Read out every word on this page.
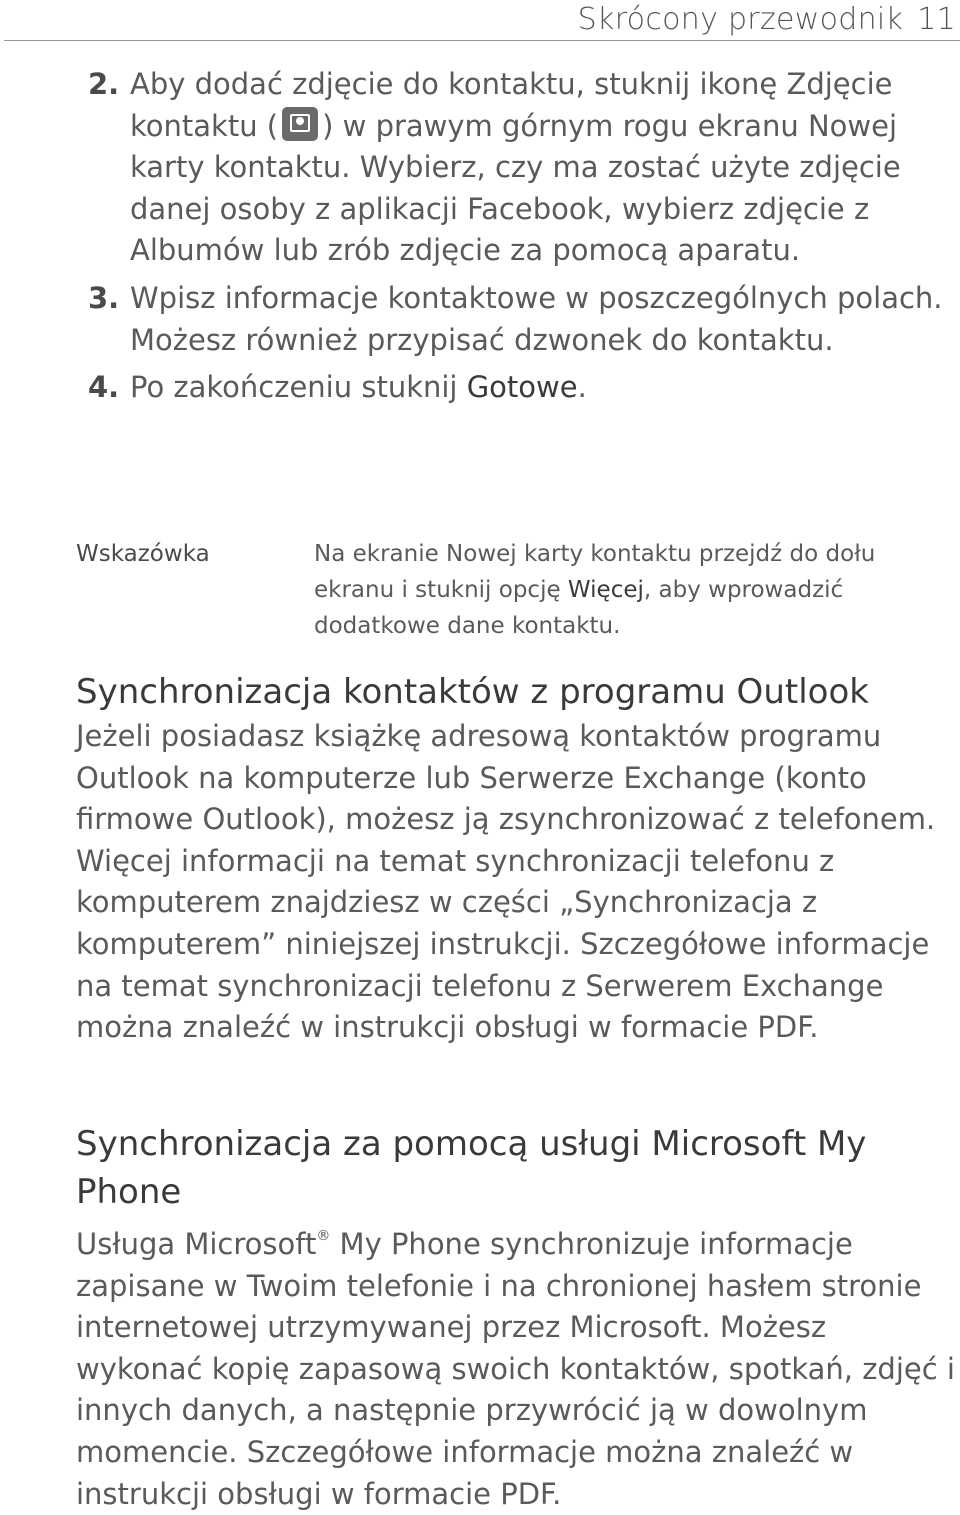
Skrócony przewodnik 11
2. Aby dodać zdjęcie do kontaktu, stuknij ikonę Zdjęcie kontaktu ( ) w prawym górnym rogu ekranu Nowej karty kontaktu. Wybierz, czy ma zostać użyte zdjęcie danej osoby z aplikacji Facebook, wybierz zdjęcie z Albumów lub zrób zdjęcie za pomocą aparatu.
3. Wpisz informacje kontaktowe w poszczególnych polach. Możesz również przypisać dzwonek do kontaktu.
4. Po zakończeniu stuknij Gotowe.
Wskazówka	Na ekranie Nowej karty kontaktu przejdź do dołu ekranu i stuknij opcję Więcej, aby wprowadzić dodatkowe dane kontaktu.
Synchronizacja kontaktów z programu Outlook

Jeżeli posiadasz książkę adresową kontaktów programu Outlook na komputerze lub Serwerze Exchange (konto firmowe Outlook), możesz ją zsynchronizować z telefonem. Więcej informacji na temat synchronizacji telefonu z komputerem znajdziesz w części „Synchronizacja z komputerem” niniejszej instrukcji. Szczegółowe informacje na temat synchronizacji telefonu z Serwerem Exchange można znaleźć w instrukcji obsługi w formacie PDF.

Synchronizacja za pomocą usługi Microsoft My Phone

Usługa Microsoft® My Phone synchronizuje informacje zapisane w Twoim telefonie i na chronionej hasłem stronie internetowej utrzymywanej przez Microsoft. Możesz wykonać kopię zapasową swoich kontaktów, spotkań, zdjęć i innych danych, a następnie przywrócić ją w dowolnym momencie. Szczegółowe informacje można znaleźć w instrukcji obsługi w formacie PDF.
